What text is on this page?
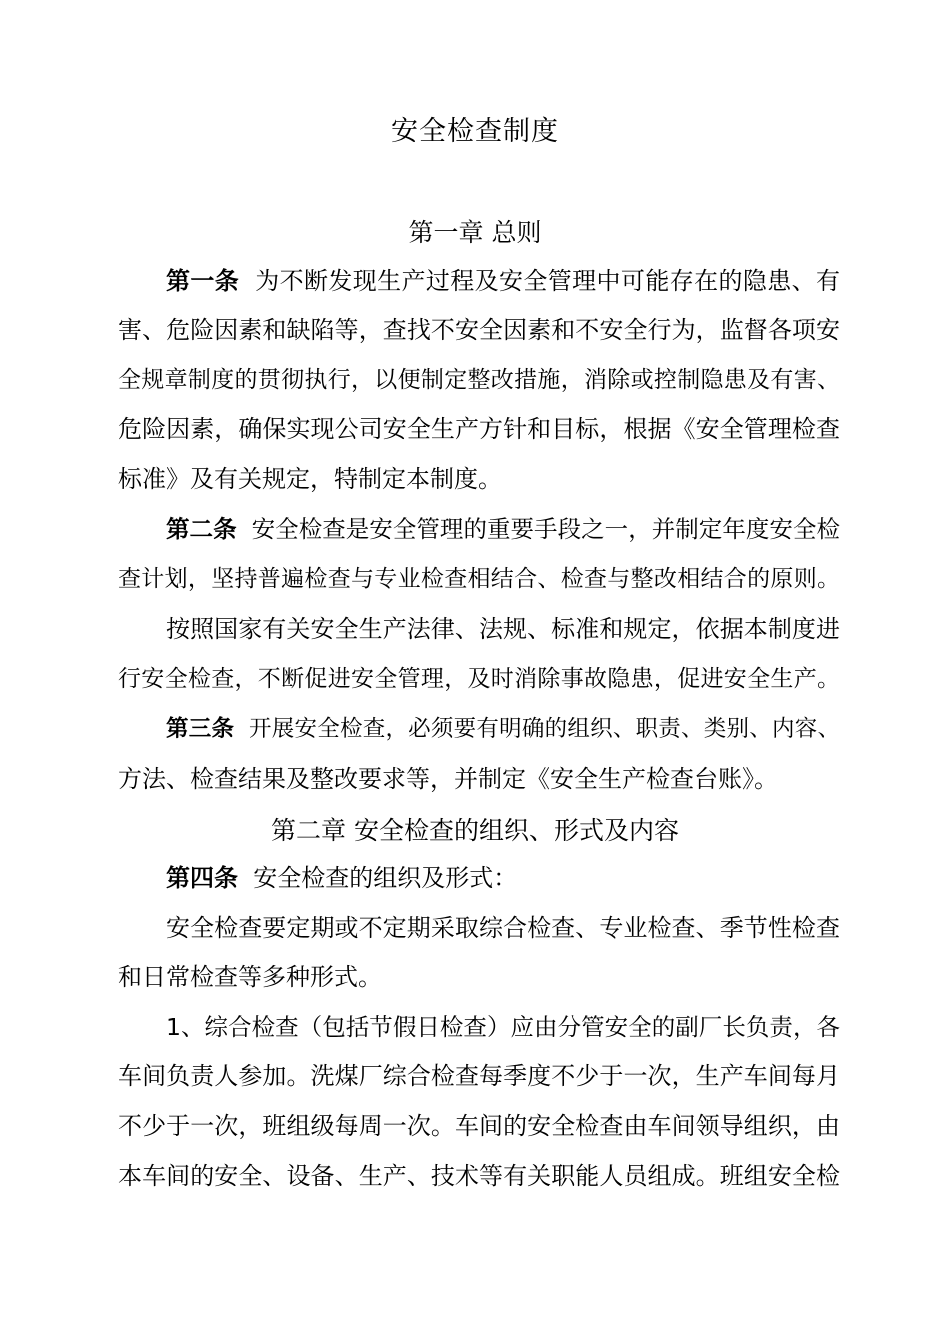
安全检查制度
第一章 总则
第一条 为不断发现生产过程及安全管理中可能存在的隐患、有
害、危险因素和缺陷等，查找不安全因素和不安全行为，监督各项安
全规章制度的贯彻执行，以便制定整改措施，消除或控制隐患及有害、
危险因素，确保实现公司安全生产方针和目标，根据《安全管理检查
标准》及有关规定，特制定本制度。
第二条 安全检查是安全管理的重要手段之一，并制定年度安全检
查计划，坚持普遍检查与专业检查相结合、检查与整改相结合的原则。
按照国家有关安全生产法律、法规、标准和规定，依据本制度进
行安全检查，不断促进安全管理，及时消除事故隐患，促进安全生产。
第三条 开展安全检查，必须要有明确的组织、职责、类别、内容、
方法、检查结果及整改要求等，并制定《安全生产检查台账》。
第二章 安全检查的组织、形式及内容
第四条 安全检查的组织及形式：
安全检查要定期或不定期采取综合检查、专业检查、季节性检查
和日常检查等多种形式。
1、综合检查（包括节假日检查）应由分管安全的副厂长负责，各
车间负责人参加。洗煤厂综合检查每季度不少于一次，生产车间每月
不少于一次，班组级每周一次。车间的安全检查由车间领导组织，由
本车间的安全、设备、生产、技术等有关职能人员组成。班组安全检
